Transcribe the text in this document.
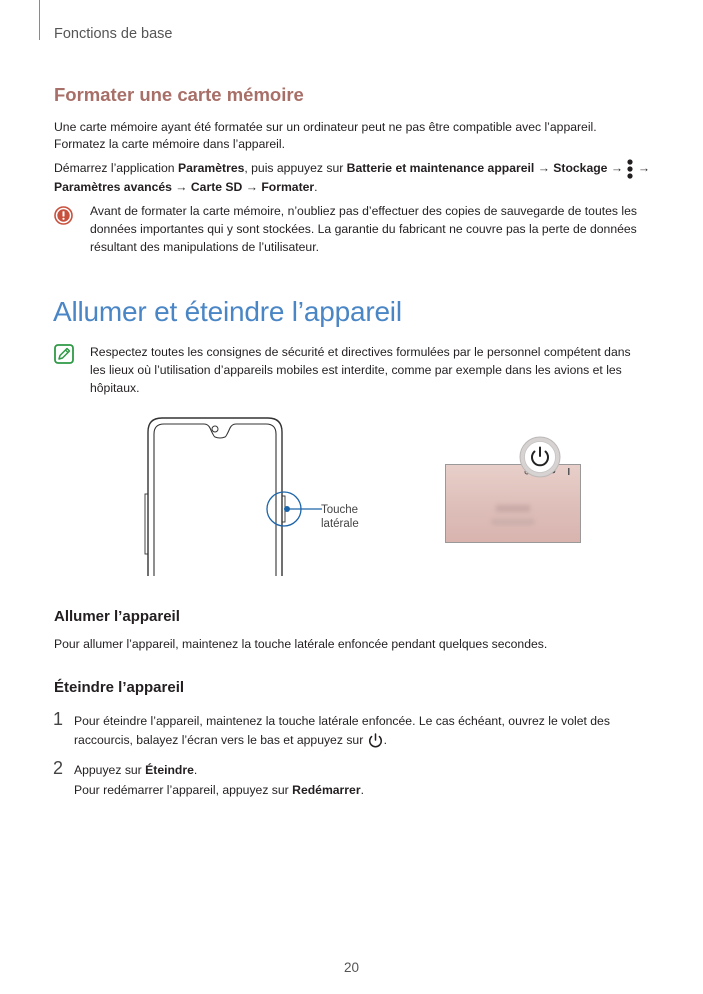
Fonctions de base
Formater une carte mémoire
Une carte mémoire ayant été formatée sur un ordinateur peut ne pas être compatible avec l’appareil.
Formatez la carte mémoire dans l’appareil.
Démarrez l’application Paramètres, puis appuyez sur Batterie et maintenance appareil → Stockage → →
Paramètres avancés → Carte SD → Formater.
Avant de formater la carte mémoire, n’oubliez pas d’effectuer des copies de sauvegarde de toutes les
données importantes qui y sont stockées. La garantie du fabricant ne couvre pas la perte de données
résultant des manipulations de l’utilisateur.
Allumer et éteindre l’appareil
Respectez toutes les consignes de sécurité et directives formulées par le personnel compétent dans
les lieux où l’utilisation d’appareils mobiles est interdite, comme par exemple dans les avions et les
hôpitaux.
Touche
latérale
Allumer l’appareil
Pour allumer l’appareil, maintenez la touche latérale enfoncée pendant quelques secondes.
Éteindre l’appareil
1 Pour éteindre l’appareil, maintenez la touche latérale enfoncée. Le cas échéant, ouvrez le volet des
raccourcis, balayez l’écran vers le bas et appuyez sur .
2 Appuyez sur Éteindre.
Pour redémarrer l’appareil, appuyez sur Redémarrer.
20
